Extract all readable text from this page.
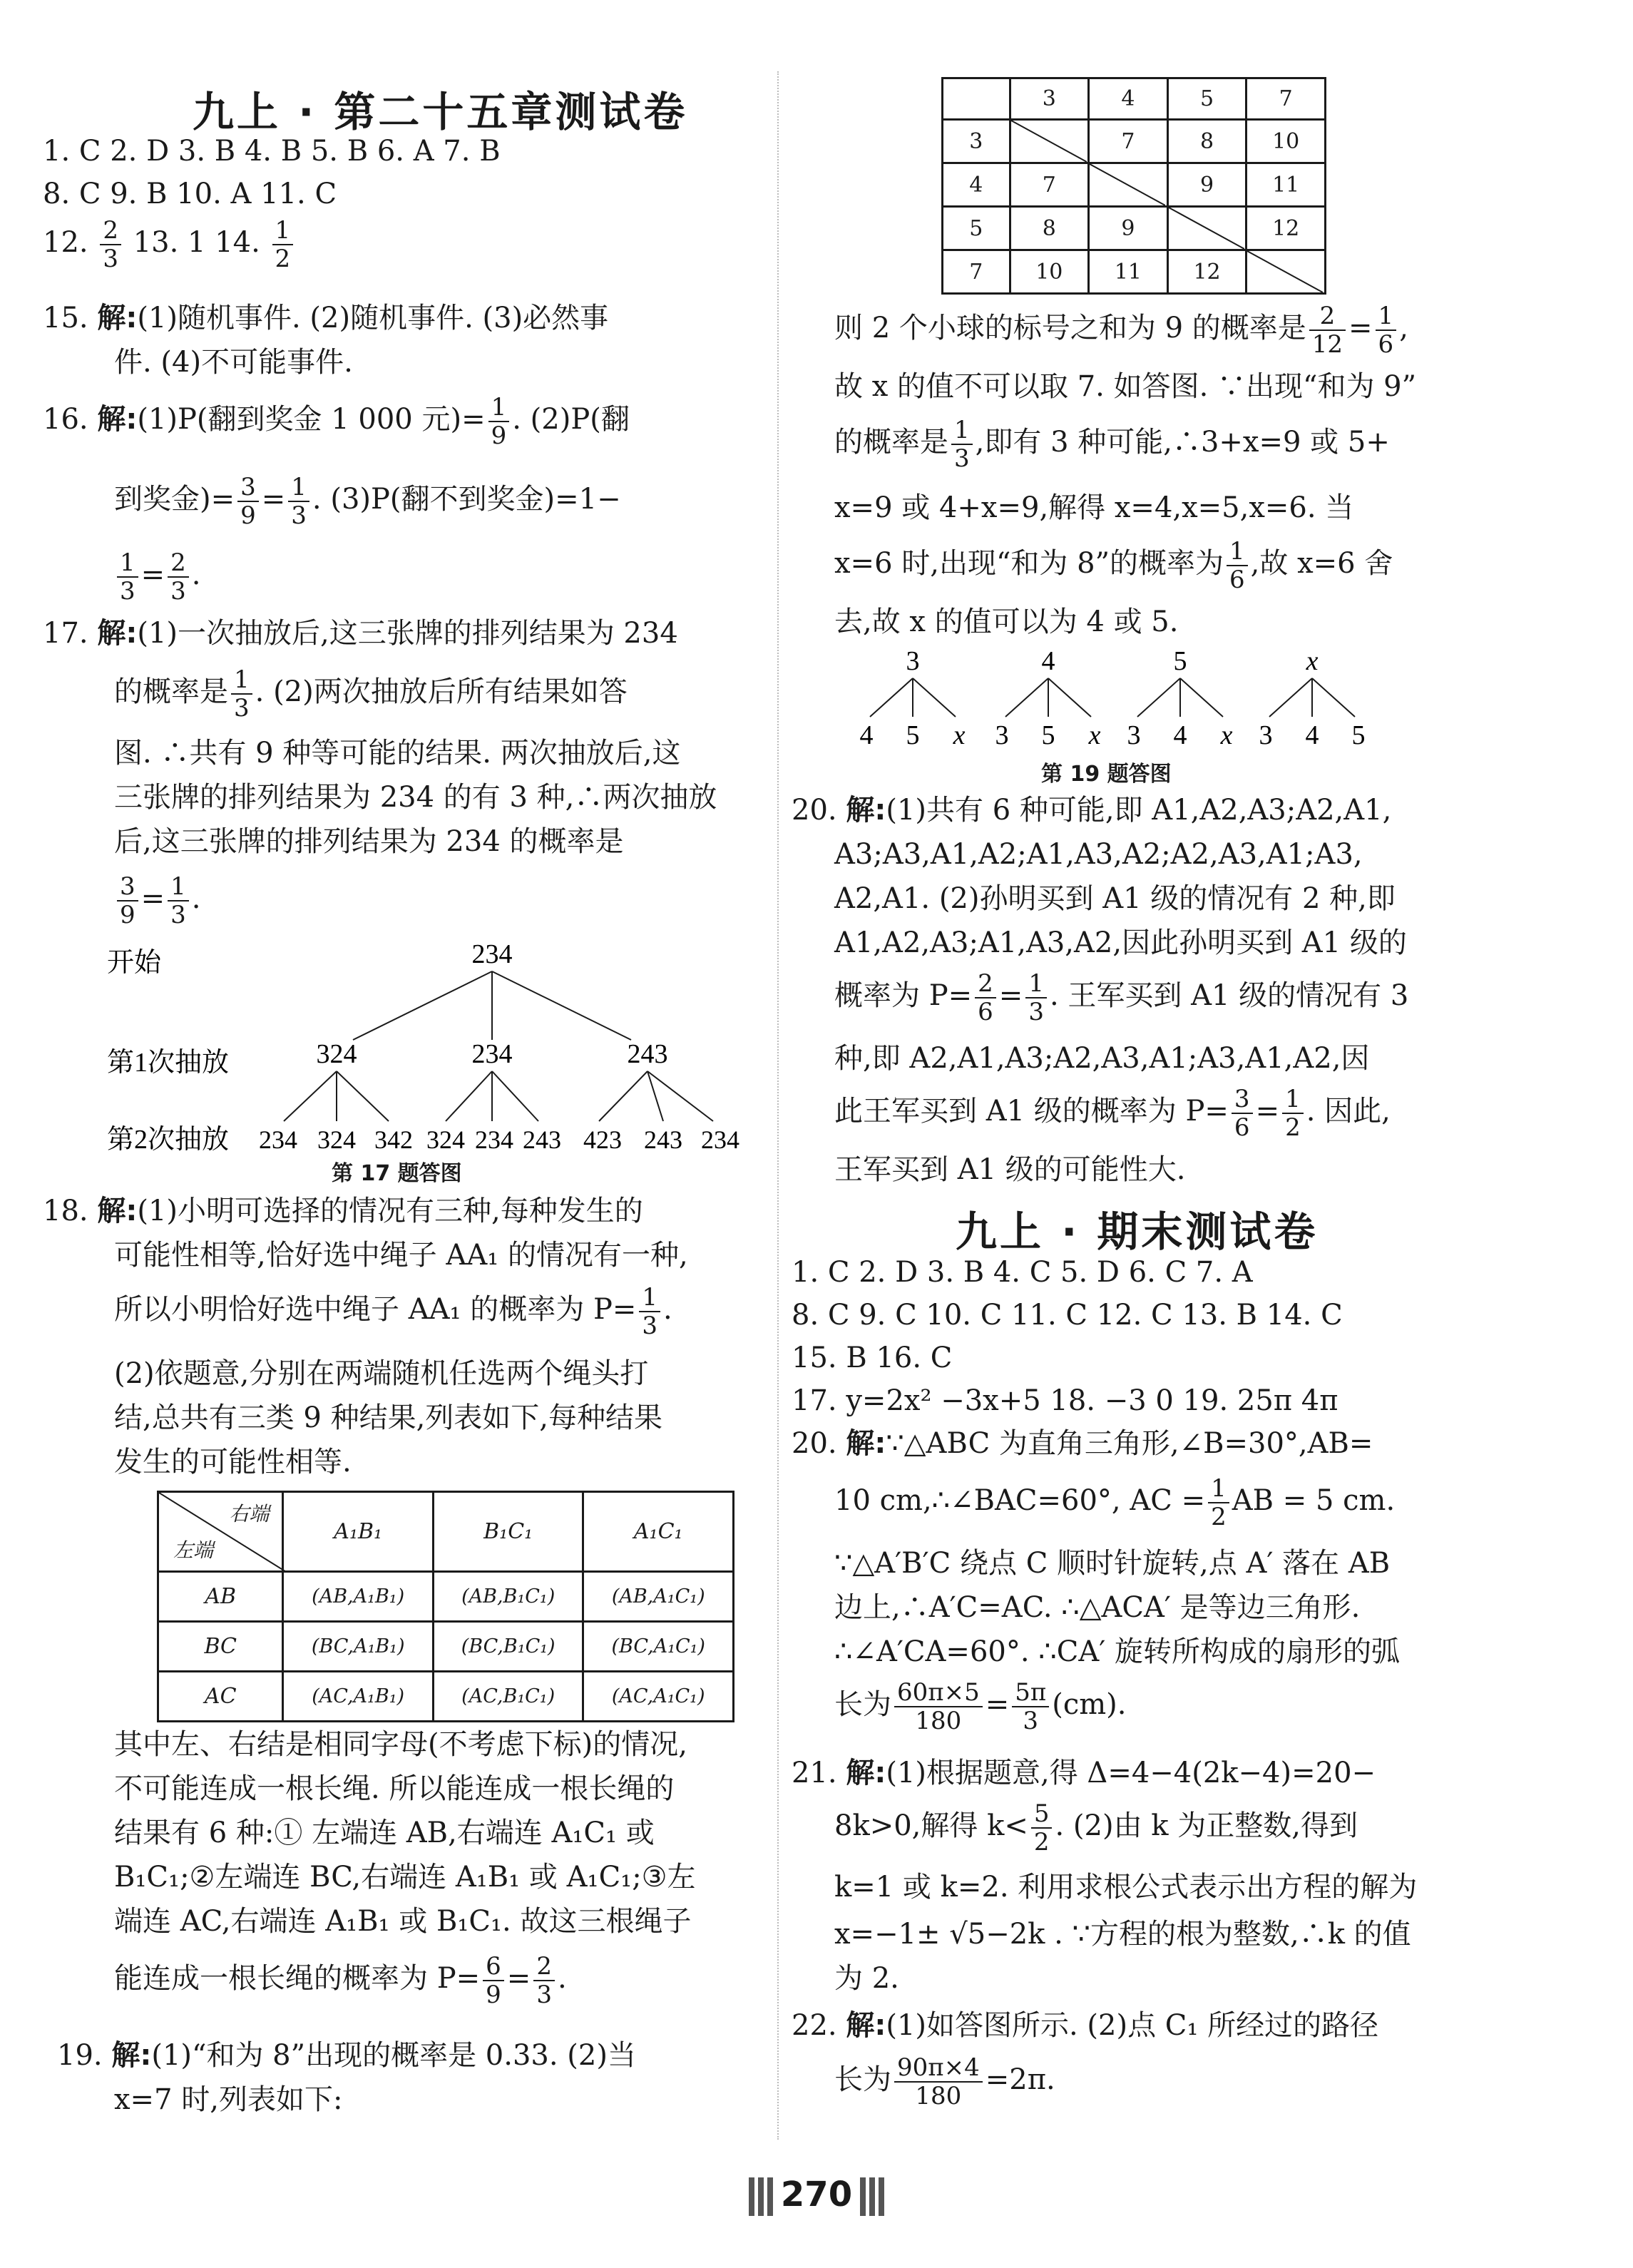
九上 · 第二十五章测试卷
1. C 2. D 3. B 4. B 5. B 6. A 7. B
8. C 9. B 10. A 11. C
12. $\frac{2}{3} 13$. 1 14. $\frac{1}{2}$
15. 解:(1)随机事件. (2)随机事件. (3)必然事
件. (4)不可能事件.
16. 解:(1)P(翻到奖金 1 000 元)= $\frac{1}{9}$ . (2)P(翻
到奖金)= $\frac{3}{9} = \frac{1}{3}$ . (3)P(翻不到奖金)=1−
$\frac{1}{3} = \frac{2}{3}$ .
17. 解:(1)一次抽放后,这三张牌的排列结果为 234
的概率是 $\frac{1}{3}$ . (2)两次抽放后所有结果如答
图. ∴共有 9 种等可能的结果. 两次抽放后,这
三张牌的排列结果为 234 的有 3 种,∴两次抽放
后,这三张牌的排列结果为 234 的概率是
$\frac{3}{9} = \frac{1}{3}$ .
开始	234
第1次抽放	324	234	243
第2次抽放 234 324 342 324 234 243 423 243 234
第 17 题答图
18. 解:(1)小明可选择的情况有三种,每种发生的
可能性相等,恰好选中绳子 AA₁ 的情况有一种,
所以小明恰好选中绳子 AA₁ 的概率为 $P= \frac{1}{3}$ .
(2)依题意,分别在两端随机任选两个绳头打
结,总共有三类 9 种结果,列表如下,每种结果
发生的可能性相等.
右端
左端	A₁B₁	B₁C₁	A₁C₁
AB	(AB,A₁B₁)	(AB,B₁C₁)	(AB,A₁C₁)
BC	(BC,A₁B₁)	(BC,B₁C₁)	(BC,A₁C₁)
AC	(AC,A₁B₁)	(AC,B₁C₁)	(AC,A₁C₁)
其中左、右结是相同字母(不考虑下标)的情况,
不可能连成一根长绳. 所以能连成一根长绳的
结果有 6 种:① 左端连 AB,右端连 A₁C₁ 或
B₁C₁;②左端连 BC,右端连 A₁B₁ 或 A₁C₁;③左
端连 AC,右端连 A₁B₁ 或 B₁C₁. 故这三根绳子
能连成一根长绳的概率为 $P= \frac{6}{9} = \frac{2}{3}$ .
19. 解:(1)“和为 8”出现的概率是 0.33. (2)当
x=7 时,列表如下:
	3	4	5	7
3		7	8	10
4	7		9	11
5	8	9		12
7	10	11	12	
则 2 个小球的标号之和为 9 的概率是 $\frac{2}{12} = \frac{1}{6}$ ,
故 x 的值不可以取 7. 如答图. ∵出现“和为 9”
的概率是 $\frac{1}{3}$ ,即有 3 种可能,∴3+x=9 或 5+
x=9 或 4+x=9,解得 x=4,x=5,x=6. 当
x=6 时,出现“和为 8”的概率为 $\frac{1}{6}$ ,故 x=6 舍
去,故 x 的值可以为 4 或 5.
3	4	5	x
4 5 x 3 5 x 3 4 x 3 4 5
第 19 题答图
20. 解:(1)共有 6 种可能,即 A1,A2,A3;A2,A1,
A3;A3,A1,A2;A1,A3,A2;A2,A3,A1;A3,
A2,A1. (2)孙明买到 A1 级的情况有 2 种,即
A1,A2,A3;A1,A3,A2,因此孙明买到 A1 级的
概率为 $P= \frac{2}{6} = \frac{1}{3}$ . 王军买到 A1 级的情况有 3
种,即 A2,A1,A3;A2,A3,A1;A3,A1,A2,因
此王军买到 A1 级的概率为 $P= \frac{3}{6} = \frac{1}{2}$ . 因此,
王军买到 A1 级的可能性大.
九上 · 期末测试卷
1. C 2. D 3. B 4. C 5. D 6. C 7. A
8. C 9. C 10. C 11. C 12. C 13. B 14. C
15. B 16. C
17. y=2x² −3x+5 18. −3 0 19. 25π 4π
20. 解:∵△ABC 为直角三角形,∠B=30°,AB=
10 cm,∴∠BAC=60°, AC = $\frac{1}{2}$ AB = 5 cm.
∵△A′B′C 绕点 C 顺时针旋转,点 A′ 落在 AB
边上,∴A′C=AC. ∴△ACA′ 是等边三角形.
∴∠A′CA=60°. ∴CA′ 旋转所构成的扇形的弧
长为 $\frac{60\pi\times 5}{180} = \frac{5\pi}{3} (cm)$.
21. 解:(1)根据题意,得 Δ=4−4(2k−4)=20−
8k>0,解得 $k< \frac{5}{2}$ . (2)由 k 为正整数,得到
k=1 或 k=2. 利用求根公式表示出方程的解为
x=−1± √5−2k . ∵方程的根为整数,∴k 的值
为 2.
22. 解:(1)如答图所示. (2)点 C₁ 所经过的路径
长为 $\frac{90\pi\times 4}{180} =2\pi$.
270
